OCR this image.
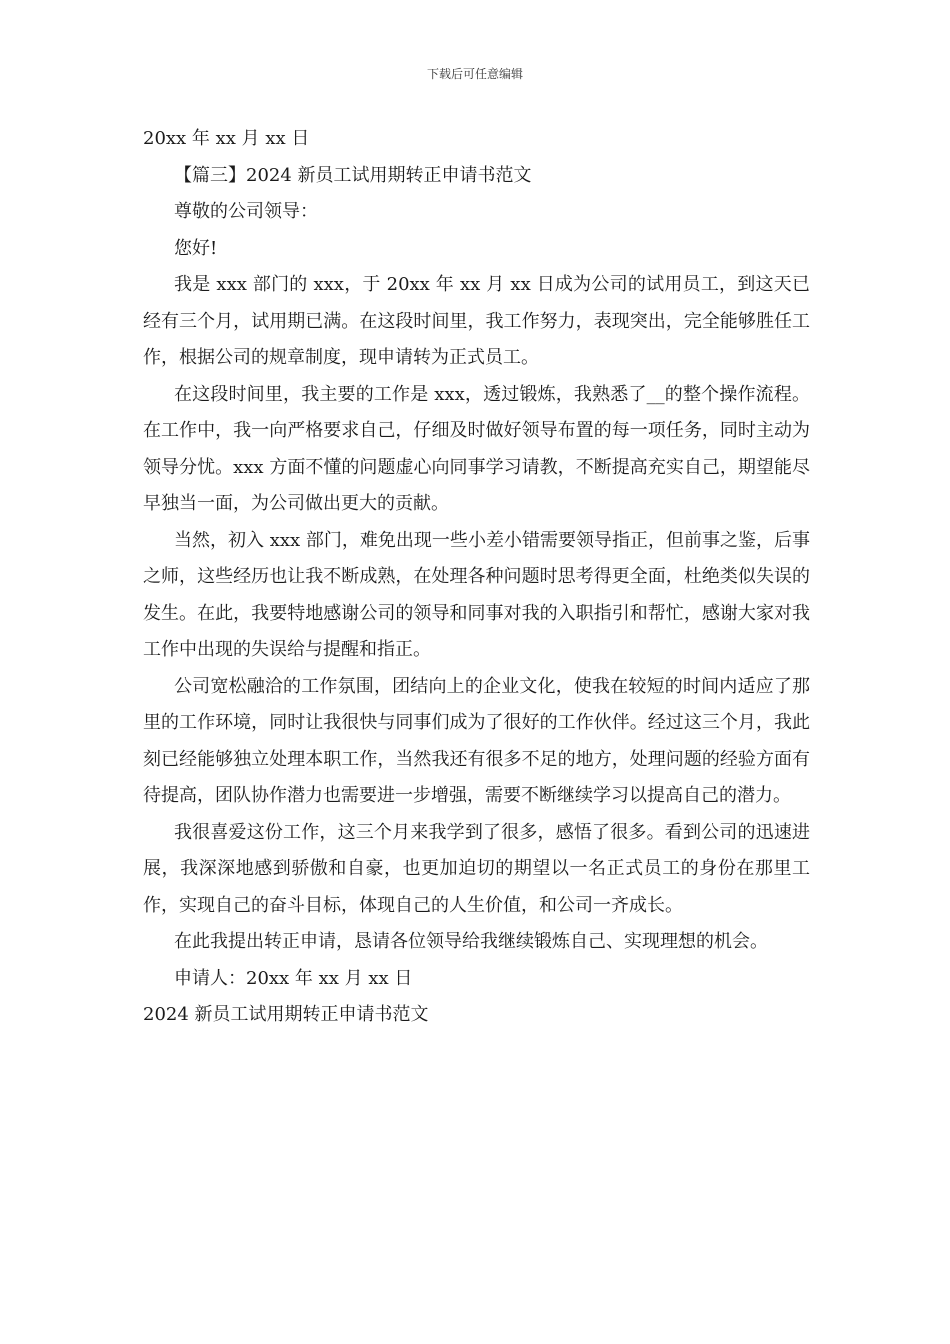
下载后可任意编辑

20xx 年 xx 月 xx 日

【篇三】2024 新员工试用期转正申请书范文

尊敬的公司领导：

您好!

我是 xxx 部门的 xxx，于 20xx 年 xx 月 xx 日成为公司的试用员工，到这天已经有三个月，试用期已满。在这段时间里，我工作努力，表现突出，完全能够胜任工作，根据公司的规章制度，现申请转为正式员工。

在这段时间里，我主要的工作是 xxx，透过锻炼，我熟悉了__的整个操作流程。在工作中，我一向严格要求自己，仔细及时做好领导布置的每一项任务，同时主动为领导分忧。xxx 方面不懂的问题虚心向同事学习请教，不断提高充实自己，期望能尽早独当一面，为公司做出更大的贡献。

当然，初入 xxx 部门，难免出现一些小差小错需要领导指正，但前事之鉴，后事之师，这些经历也让我不断成熟，在处理各种问题时思考得更全面，杜绝类似失误的发生。在此，我要特地感谢公司的领导和同事对我的入职指引和帮忙，感谢大家对我工作中出现的失误给与提醒和指正。

公司宽松融洽的工作氛围，团结向上的企业文化，使我在较短的时间内适应了那里的工作环境，同时让我很快与同事们成为了很好的工作伙伴。经过这三个月，我此刻已经能够独立处理本职工作，当然我还有很多不足的地方，处理问题的经验方面有待提高，团队协作潜力也需要进一步增强，需要不断继续学习以提高自己的潜力。

我很喜爱这份工作，这三个月来我学到了很多，感悟了很多。看到公司的迅速进展，我深深地感到骄傲和自豪，也更加迫切的期望以一名正式员工的身份在那里工作，实现自己的奋斗目标，体现自己的人生价值，和公司一齐成长。

在此我提出转正申请，恳请各位领导给我继续锻炼自己、实现理想的机会。

申请人：20xx 年 xx 月 xx 日

2024 新员工试用期转正申请书范文
